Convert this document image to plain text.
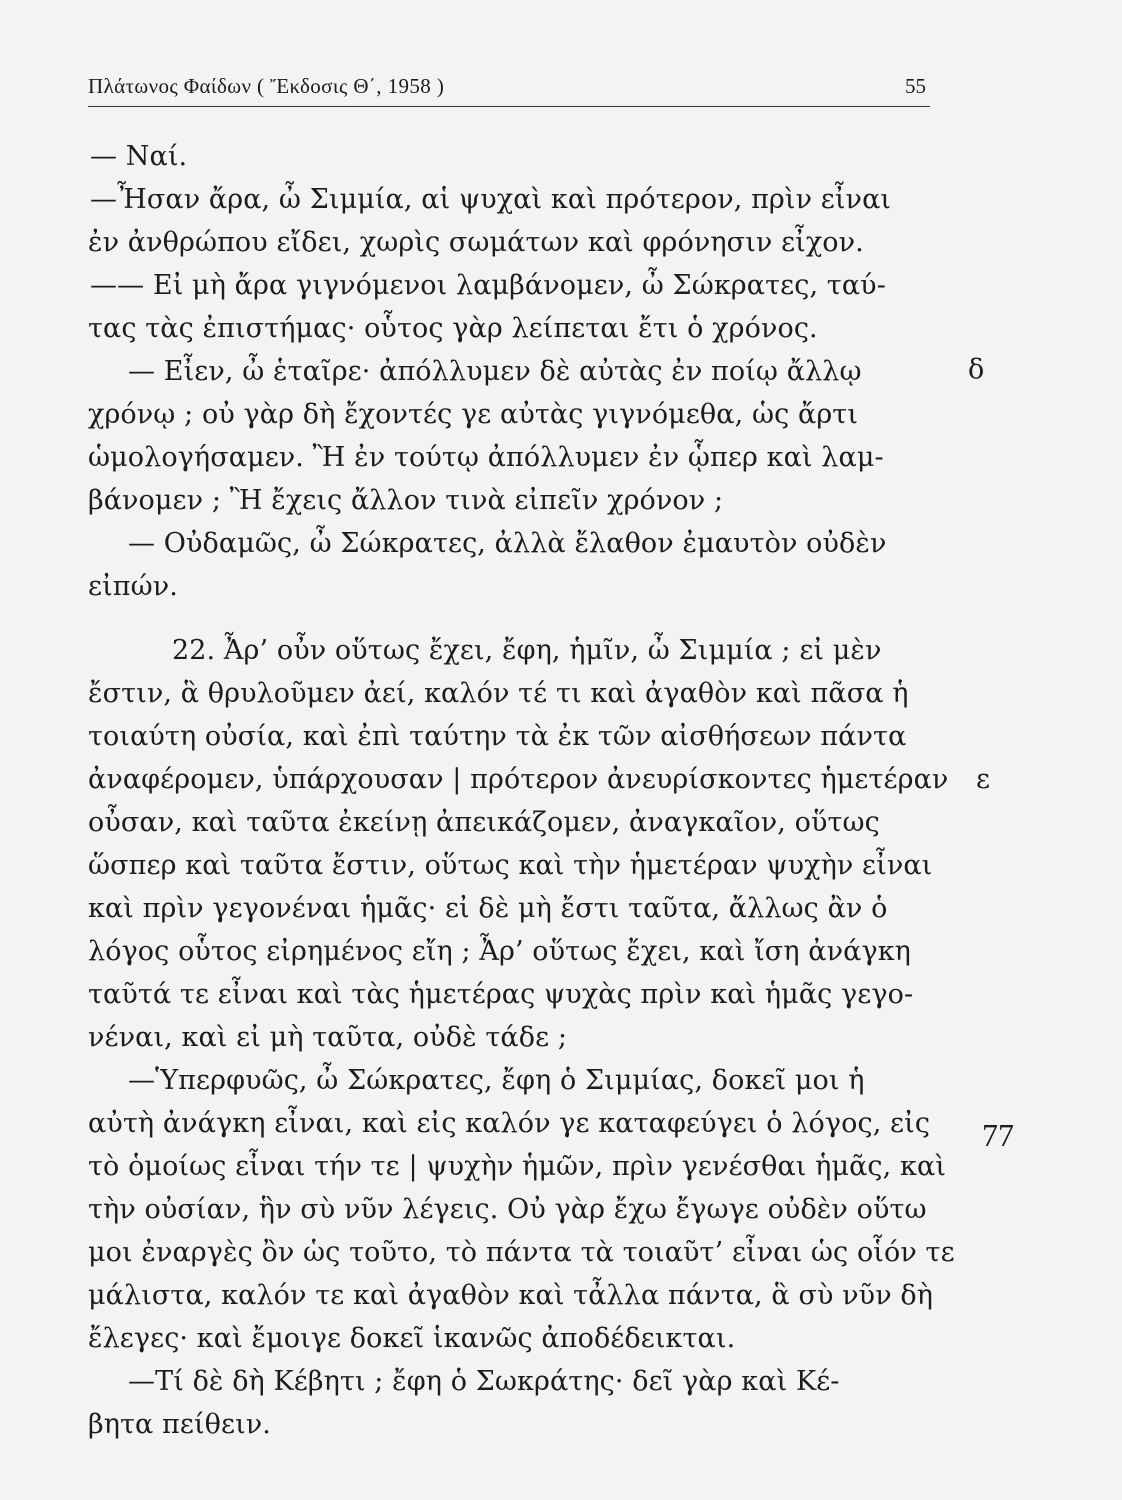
Πλάτωνος Φαίδων ( Ἔκδοσις Θ΄, 1958 )	55
— Ναί.
—Ἦσαν ἄρα, ὦ Σιμμία, αἱ ψυχαὶ καὶ πρότερον, πρὶν εἶναι
ἐν ἀνθρώπου εἴδει, χωρὶς σωμάτων καὶ φρόνησιν εἶχον.
—— Εἰ μὴ ἄρα γιγνόμενοι λαμβάνομεν, ὦ Σώκρατες, ταύ-
τας τὰς ἐπιστήμας· οὗτος γὰρ λείπεται ἔτι ὁ χρόνος.
— Εἶεν, ὦ ἑταῖρε· ἀπόλλυμεν δὲ αὐτὰς ἐν ποίῳ ἄλλῳ
χρόνῳ ; οὐ γὰρ δὴ ἔχοντές γε αὐτὰς γιγνόμεθα, ὡς ἄρτι
ὡμολογήσαμεν. Ἢ ἐν τούτῳ ἀπόλλυμεν ἐν ᾧπερ καὶ λαμ-
βάνομεν ; Ἢ ἔχεις ἄλλον τινὰ εἰπεῖν χρόνον ;
— Οὐδαμῶς, ὦ Σώκρατες, ἀλλὰ ἔλαθον ἐμαυτὸν οὐδὲν
εἰπών.
22. Ἆρ’ οὖν οὕτως ἔχει, ἔφη, ἡμῖν, ὦ Σιμμία ; εἰ μὲν
ἔστιν, ἃ θρυλοῦμεν ἀεί, καλόν τέ τι καὶ ἀγαθὸν καὶ πᾶσα ἡ
τοιαύτη οὐσία, καὶ ἐπὶ ταύτην τὰ ἐκ τῶν αἰσθήσεων πάντα
ἀναφέρομεν, ὑπάρχουσαν | πρότερον ἀνευρίσκοντες ἡμετέραν
οὖσαν, καὶ ταῦτα ἐκείνῃ ἀπεικάζομεν, ἀναγκαῖον, οὕτως
ὥσπερ καὶ ταῦτα ἔστιν, οὕτως καὶ τὴν ἡμετέραν ψυχὴν εἶναι
καὶ πρὶν γεγονέναι ἡμᾶς· εἰ δὲ μὴ ἔστι ταῦτα, ἄλλως ἂν ὁ
λόγος οὗτος εἰρημένος εἴη ; Ἆρ’ οὕτως ἔχει, καὶ ἴση ἀνάγκη
ταῦτά τε εἶναι καὶ τὰς ἡμετέρας ψυχὰς πρὶν καὶ ἡμᾶς γεγο-
νέναι, καὶ εἰ μὴ ταῦτα, οὐδὲ τάδε ;
—Ὑπερφυῶς, ὦ Σώκρατες, ἔφη ὁ Σιμμίας, δοκεῖ μοι ἡ
αὐτὴ ἀνάγκη εἶναι, καὶ εἰς καλόν γε καταφεύγει ὁ λόγος, εἰς
τὸ ὁμοίως εἶναι τήν τε | ψυχὴν ἡμῶν, πρὶν γενέσθαι ἡμᾶς, καὶ
τὴν οὐσίαν, ἣν σὺ νῦν λέγεις. Οὐ γὰρ ἔχω ἔγωγε οὐδὲν οὕτω
μοι ἐναργὲς ὂν ὡς τοῦτο, τὸ πάντα τὰ τοιαῦτ’ εἶναι ὡς οἷόν τε
μάλιστα, καλόν τε καὶ ἀγαθὸν καὶ τἆλλα πάντα, ἃ σὺ νῦν δὴ
ἔλεγες· καὶ ἔμοιγε δοκεῖ ἱκανῶς ἀποδέδεικται.
—Τί δὲ δὴ Κέβητι ; ἔφη ὁ Σωκράτης· δεῖ γὰρ καὶ Κέ-
βητα πείθειν.
δ
ε
77
